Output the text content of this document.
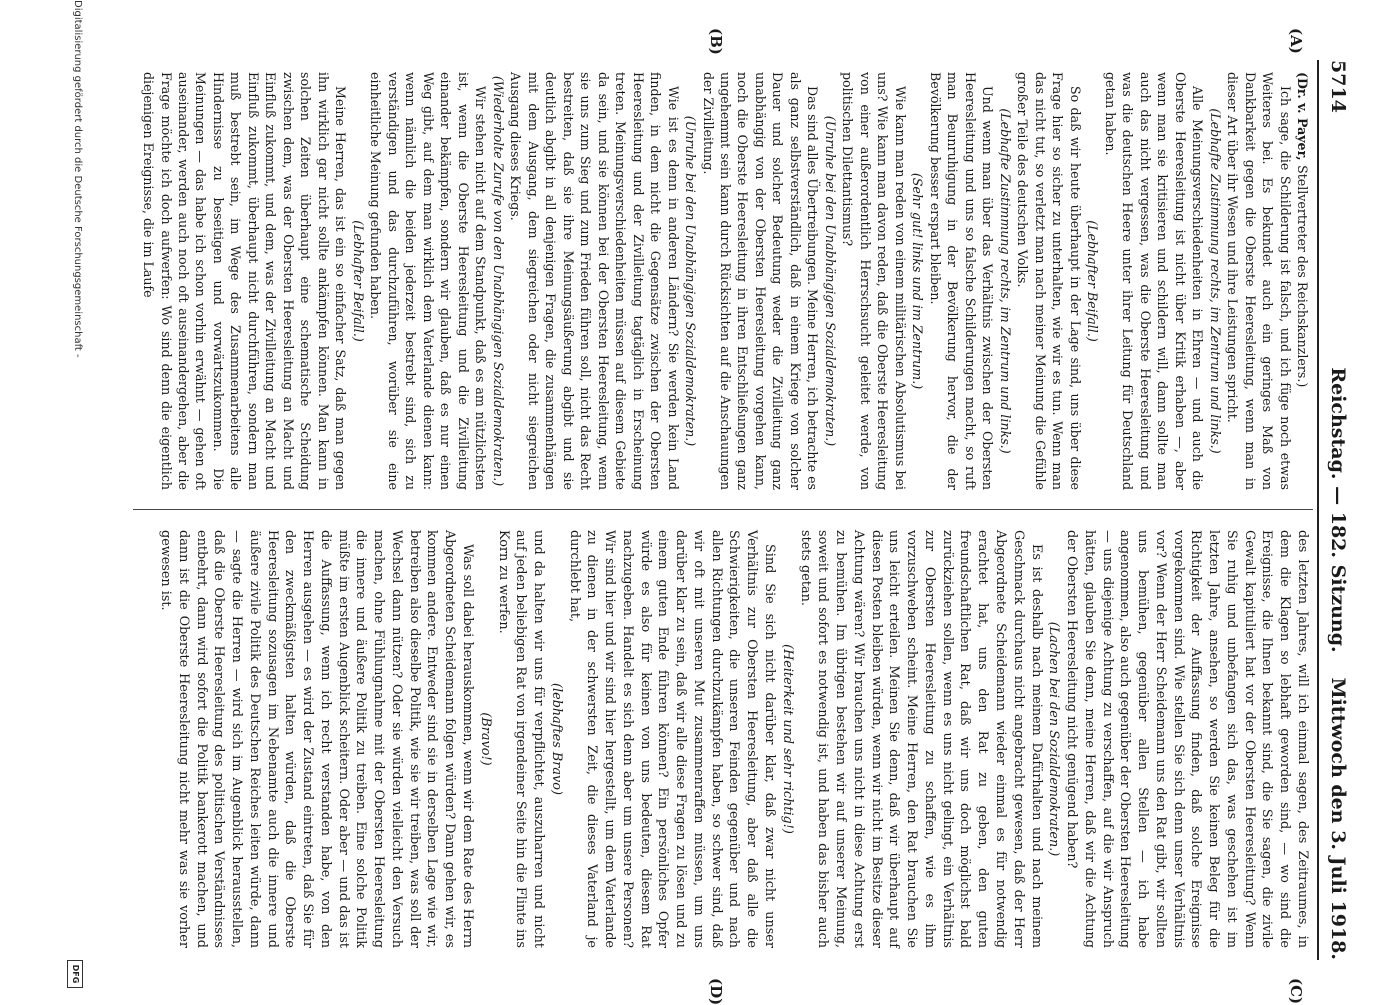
5714
Reichstag. — 182. Sitzung.
Mittwoch den 3. Juli 1918.
(A)
(B)
(C)
(D)

(Dr. v. Payer, Stellvertreter des Reichskanzlers.)

Ich sage, die Schilderung ist falsch, und ich füge noch etwas Weiteres bei. Es bekundet auch ein geringes Maß von Dankbarkeit gegen die Oberste Heeresleitung, wenn man in dieser Art über ihr Wesen und ihre Leistungen spricht.

(Lebhafte Zustimmung rechts, im Zentrum und links.)

Alle Meinungsverschiedenheiten in Ehren — und auch die Oberste Heeresleitung ist nicht über Kritik erhaben —, aber wenn man sie kritisieren und schildern will, dann sollte man auch das nicht vergessen, was die Oberste Heeresleitung und was die deutschen Heere unter ihrer Leitung für Deutschland getan haben.

(Lebhafter Beifall.)

So daß wir heute überhaupt in der Lage sind, uns über diese Frage hier so sicher zu unterhalten, wie wir es tun. Wenn man das nicht tut, so verletzt man nach meiner Meinung die Gefühle großer Teile des deutschen Volks.

(Lebhafte Zustimmung rechts, im Zentrum und links.)

Und wenn man über das Verhältnis zwischen der Obersten Heeresleitung und uns so falsche Schilderungen macht, so ruft man Beunruhigung in der Bevölkerung hervor, die der Bevölkerung besser erspart bleiben.

(Sehr gut! links und im Zentrum.)

Wie kann man reden von einem militärischen Absolutismus bei uns? Wie kann man davon reden, daß die Oberste Heeresleitung von einer außerordentlich Herrschsucht geleitet werde, von politischen Dilettantismus?

(Unruhe bei den Unabhängigen Sozialdemokraten.)

Das sind alles Übertreibungen. Meine Herren, ich betrachte es als ganz selbstverständlich, daß in einem Kriege von solcher Dauer und solcher Bedeutung weder die Zivilleitung ganz unabhängig von der Obersten Heeresleitung vorgehen kann, noch die Oberste Heeresleitung in ihren Entschließungen ganz ungehemmt sein kann durch Rücksichten auf die Anschauungen der Zivilleitung.

(Unruhe bei den Unabhängigen Sozialdemokraten.)

Wie ist es denn in anderen Ländern? Sie werden kein Land finden, in dem nicht die Gegensätze zwischen der Obersten Heeresleitung und der Zivilleitung tagtäglich in Erscheinung treten. Meinungsverschiedenheiten müssen auf diesem Gebiete da sein, und sie können bei der Obersten Heeresleitung, wenn sie uns zum Sieg und zum Frieden führen soll, nicht das Recht bestreiten, daß sie ihre Meinungsäußerung abgibt und sie deutlich abgibt in all denjenigen Fragen, die zusammenhängen mit dem Ausgang, dem siegreichen oder nicht siegreichen Ausgang dieses Kriegs.

(Wiederholte Zurufe von den Unabhängigen Sozialdemokraten.)

Wir stehen nicht auf dem Standpunkt, daß es am nützlichsten ist, wenn die Oberste Heeresleitung und die Zivilleitung einander bekämpfen, sondern wir glauben, daß es nur einen Weg gibt, auf dem man wirklich dem Vaterlande dienen kann: wenn nämlich die beiden jederzeit bestrebt sind, sich zu verständigen und das durchzuführen, worüber sie eine einheitliche Meinung gefunden haben.

(Lebhafter Beifall.)

Meine Herren, das ist ein so einfacher Satz, daß man gegen ihn wirklich gar nicht sollte ankämpfen können. Man kann in solchen Zeiten überhaupt eine schematische Scheidung zwischen dem, was der Obersten Heeresleitung an Macht und Einfluß zukommt, und dem, was der Zivilleitung an Macht und Einfluß zukommt, überhaupt nicht durchführen, sondern man muß bestrebt sein, im Wege des Zusammenarbeitens alle Hindernisse zu beseitigen und vorwärtszukommen. Die Meinungen — das habe ich schon vorhin erwähnt — gehen oft auseinander, werden auch noch oft auseinandergehen, aber die Frage möchte ich doch aufwerfen: Wo sind denn die eigentlich diejenigen Ereignisse, die im Laufe

des letzten Jahres, will ich einmal sagen, des Zeitraumes, in dem die Klagen so lebhaft geworden sind, — wo sind die Ereignisse, die Ihnen bekannt sind, die Sie sagen, die zivile Gewalt kapituliert hat vor der Obersten Heeresleitung? Wenn Sie ruhig und unbefangen sich das, was geschehen ist im letzten Jahre, ansehen, so werden Sie keinen Beleg für die Richtigkeit der Auffassung finden, daß solche Ereignisse vorgekommen sind. Wie stellen Sie sich denn unser Verhältnis vor? Wenn der Herr Scheidemann uns den Rat gibt, wir sollten uns bemühen, gegenüber allen Stellen — ich habe angenommen, also auch gegenüber der Obersten Heeresleitung — uns diejenige Achtung zu verschaffen, auf die wir Anspruch hätten, glauben Sie denn, meine Herren, daß wir die Achtung der Obersten Heeresleitung nicht genügend haben?

(Lachen bei den Sozialdemokraten.)

Es ist deshalb nach meinem Dafürhalten und nach meinem Geschmack durchaus nicht angebracht gewesen, daß der Herr Abgeordnete Scheidemann wieder einmal es für notwendig erachtet hat, uns den Rat zu geben, den guten freundschaftlichen Rat, daß wir uns doch möglichst bald zurückziehen sollen, wenn es uns nicht gelingt, ein Verhältnis zur Obersten Heeresleitung zu schaffen, wie es ihm vorzuschweben scheint. Meine Herren, den Rat brauchen Sie uns leicht erteilen. Meinen Sie denn, daß wir überhaupt auf diesen Posten bleiben würden, wenn wir nicht im Besitze dieser Achtung wären? Wir brauchen uns nicht in diese Achtung erst zu bemühen. Im übrigen bestehen wir auf unserer Meinung, soweit und sofort es notwendig ist, und haben das bisher auch stets getan.

(Heiterkeit und sehr richtig!)

Sind Sie sich nicht darüber klar, daß zwar nicht unser Verhältnis zur Obersten Heeresleitung, aber daß alle die Schwierigkeiten, die unseren Feinden gegenüber und nach allen Richtungen durchzukämpfen haben, so schwer sind, daß wir oft mit unseren Mut zusammenraffen müssen, um uns darüber klar zu sein, daß wir alle diese Fragen zu lösen und zu einem guten Ende führen können? Ein persönliches Opfer würde es also für keinen von uns bedeuten, diesem Rat nachzugeben. Handelt es sich denn aber um unsere Personen? Wir sind hier und wir sind hier hergestellt, um dem Vaterlande zu dienen in der schwersten Zeit, die dieses Vaterland je durchlebt hat,

(lebhaftes Bravo)

und da halten wir uns für verpflichtet, auszuharren und nicht auf jeden beliebigen Rat von irgendeiner Seite hin die Flinte ins Korn zu werfen.

(Bravo!)

Was soll dabei herauskommen, wenn wir dem Rate des Herrn Abgeordneten Scheidemann folgen würden? Dann gehen wir, es kommen andere. Entweder sind sie in derselben Lage wie wir, betreiben also dieselbe Politik, wie sie wir treiben, was soll der Wechsel dann nützen? Oder sie würden vielleicht den Versuch machen, ohne Fühlungnahme mit der Obersten Heeresleitung die innere und äußere Politik zu treiben. Eine solche Politik müßte im ersten Augenblick scheitern. Oder aber — und das ist die Auffassung, wenn ich recht verstanden habe, von den Herren ausgehen — es wird der Zustand eintreten, daß Sie für den zweckmäßigsten halten würden, daß die Oberste Heeresleitung sozusagen im Nebenamte auch die innere und äußere zivile Politik des Deutschen Reiches leiten würde, dann — sagte die Herren — wird sich im Augenblick herausstellen, daß die Oberste Heeresleitung des politischen Verständnisses entbehrt, dann wird sofort die Politik bankerott machen, und dann ist die Oberste Heeresleitung nicht mehr was sie vorher gewesen ist.

Digitalisierung gefördert durch die Deutsche Forschungsgemeinschaft -
DFG
